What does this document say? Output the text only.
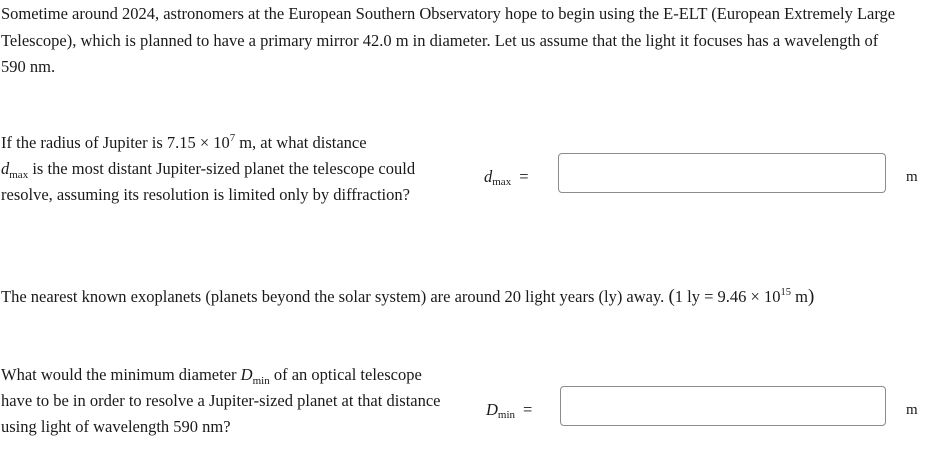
Sometime around 2024, astronomers at the European Southern Observatory hope to begin using the E-ELT (European Extremely Large Telescope), which is planned to have a primary mirror 42.0 m in diameter. Let us assume that the light it focuses has a wavelength of 590 nm.
If the radius of Jupiter is $7.15 \times 10^7$ m, at what distance
$d_{max}$ is the most distant Jupiter-sized planet the telescope could resolve, assuming its resolution is limited only by diffraction?
$d_{max}$ =	m
The nearest known exoplanets (planets beyond the solar system) are around 20 light years (ly) away. (1 ly = $9.46 \times 10^{15}$ m)
What would the minimum diameter $D_{min}$ of an optical telescope have to be in order to resolve a Jupiter-sized planet at that distance using light of wavelength 590 nm?
$D_{min}$ =	m
